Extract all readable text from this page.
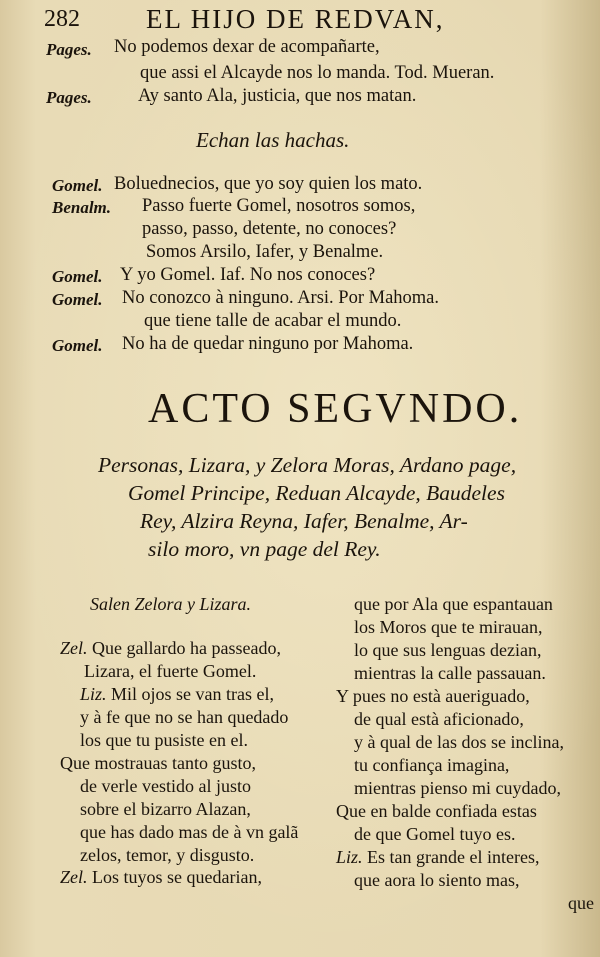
282 EL HIJO DE REDVAN,
Pages. No podemos dexar de acompañarte,
que assi el Alcayde nos lo manda. Tod. Mueran.
Pages. Ay santo Ala, justicia, que nos matan.
Echan las hachas.
Gomel. Boluednecios, que yo soy quien los mato.
Benalm. Passo fuerte Gomel, nosotros somos,
passo, passo, detente, no conoces?
Somos Arsilo, Iafer, y Benalme.
Gomel. Y yo Gomel. Iaf. No nos conoces?
Gomel. No conozco à ninguno. Arsi. Por Mahoma.
que tiene talle de acabar el mundo.
Gomel. No ha de quedar ninguno por Mahoma.
ACTO SEGVNDO.
Personas, Lizara, y Zelora Moras, Ardano page,
Gomel Principe, Reduan Alcayde, Baudeles
Rey, Alzira Reyna, Iafer, Benalme, Ar-
silo moro, vn page del Rey.
Salen Zelora y Lizara.
Zel. Que gallardo ha passeado,
Lizara, el fuerte Gomel.
Liz. Mil ojos se van tras el,
y à fe que no se han quedado
los que tu pusiste en el.
Que mostrauas tanto gusto,
de verle vestido al justo
sobre el bizarro Alazan,
que has dado mas de à vn galã
zelos, temor, y disgusto.
Zel. Los tuyos se quedarian,
que por Ala que espantauan
los Moros que te mirauan,
lo que sus lenguas dezian,
mientras la calle passauan.
Y pues no està aueriguado,
de qual està aficionado,
y à qual de las dos se inclina,
tu confiança imagina,
mientras pienso mi cuydado,
Que en balde confiada estas
de que Gomel tuyo es.
Liz. Es tan grande el interes,
que aora lo siento mas,
que
